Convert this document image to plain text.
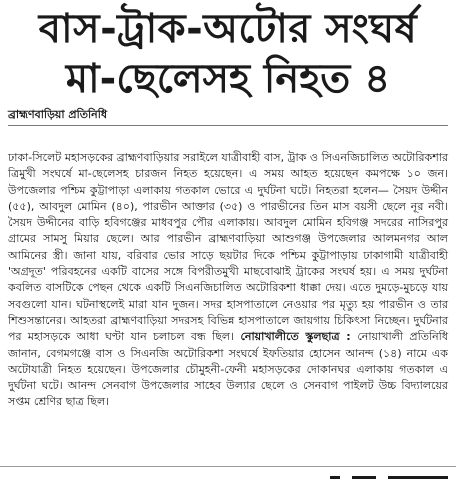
বাস-ট্রাক-অটোর সংঘর্ষ
মা-ছেলেসহ নিহত ৪
ব্রাহ্মণবাড়িয়া প্রতিনিধি
ঢাকা-সিলেট মহাসড়কের ব্রাহ্মণবাড়িয়ার সরাইলে যাত্রীবাহী বাস, ট্রাক ও সিএনজিচালিত অটোরিকশার ত্রিমুখী সংঘর্ষে মা-ছেলেসহ চারজন নিহত হয়েছেন। এ সময় আহত হয়েছেন কমপক্ষে ১০ জন। উপজেলার পশ্চিম কুট্টাপাড়া এলাকায় গতকাল ভোরে এ দুর্ঘটনা ঘটে। নিহতরা হলেন— সৈয়দ উদ্দীন (৫৫), আবদুল মোমিন (৪০), পারভীন আক্তার (৩৫) ও পারভীনের তিন মাস বয়সী ছেলে নূর নবী। সৈয়দ উদ্দীনের বাড়ি হবিগঞ্জের মাধবপুর পৌর এলাকায়। আবদুল মোমিন হবিগঞ্জ সদরের নাসিরপুর গ্রামের সামসু মিয়ার ছেলে। আর পারভীন ব্রাহ্মণবাড়িয়া আশুগঞ্জ উপজেলার আলমনগর আল আমিনের স্ত্রী। জানা যায়, বরিবার ভোর সাড়ে ছয়টার দিকে পশ্চিম কুট্টাপাড়ায় ঢাকাগামী যাত্রীবাহী 'অগ্রদূত' পরিবহনের একটি বাসের সঙ্গে বিপরীতমুখী মাছবোঝাই ট্রাকের সংঘর্ষ হয়। এ সময় দুর্ঘটনা কবলিত বাসটিকে পেছন থেকে একটি সিএনজিচালিত অটোরিকশা ধাক্কা দেয়। এতে দুমড়ে-মুচড়ে যায় সবগুলো যান। ঘটনাস্থলেই মারা যান দুজন। সদর হাসপাতালে নেওয়ার পর মৃত্যু হয় পারভীন ও তার শিশুসন্তানের। আহতরা ব্রাহ্মণবাড়িয়া সদরসহ বিভিন্ন হাসপাতালে জায়গায় চিকিৎসা নিচ্ছেন। দুর্ঘটনার পর মহাসড়কে আধা ঘণ্টা যান চলাচল বন্ধ ছিল। নোয়াখালীতে স্কুলছাত্র : নোয়াখালী প্রতিনিধি জানান, বেগমগঞ্জে বাস ও সিএনজি অটোরিকশা সংঘর্ষে ইফতিয়ার হোসেন আনন্দ (১৪) নামে এক অটোযাত্রী নিহত হয়েছেন। উপজেলার চৌমুহনী-ফেনী মহাসড়কের দোকানঘর এলাকায় গতকাল এ দুর্ঘটনা ঘটে। আনন্দ সেনবাগ উপজেলার সাহেব উল্যার ছেলে ও সেনবাগ পাইলট উচ্চ বিদ্যালয়ের সপ্তম শ্রেণির ছাত্র ছিল।
